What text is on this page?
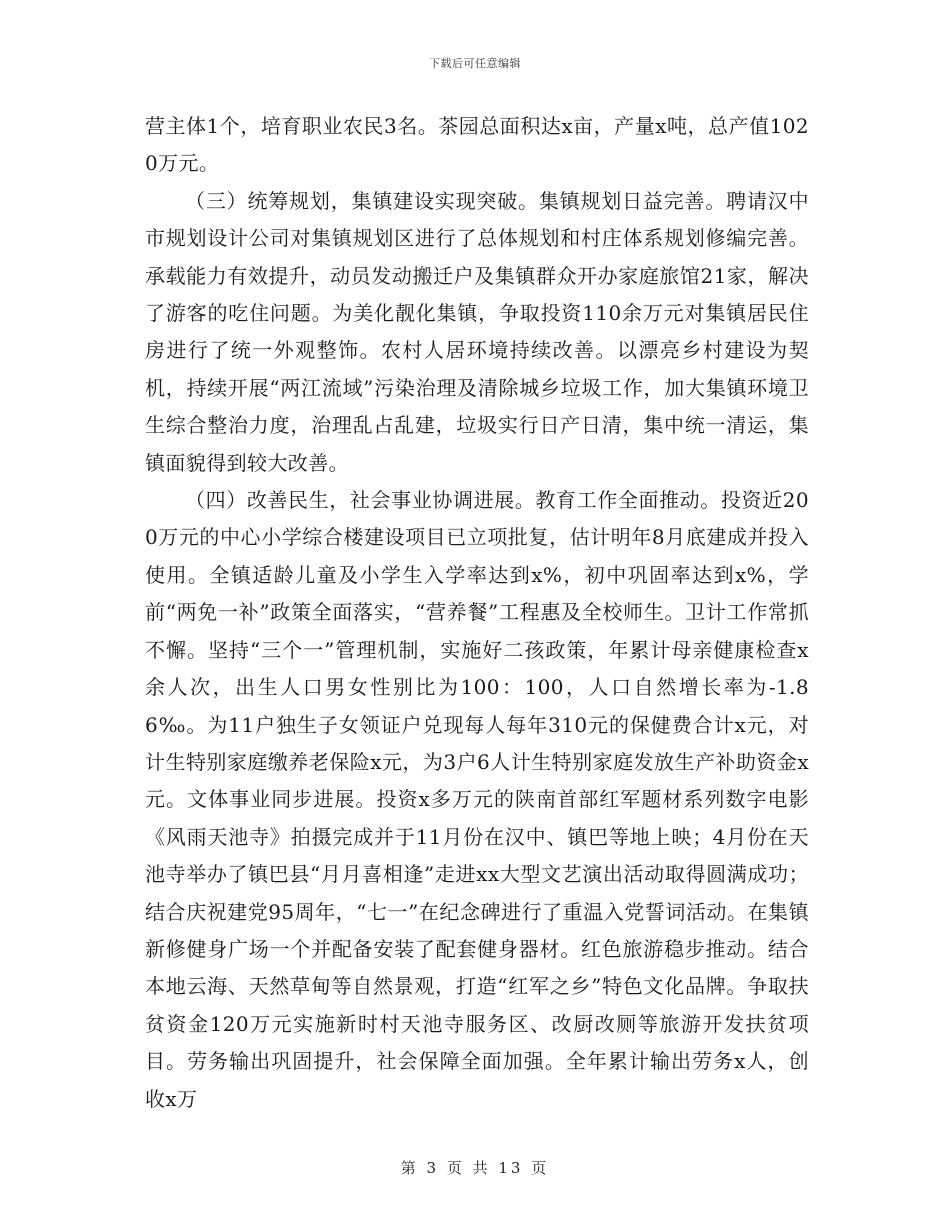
下载后可任意编辑

营主体1个，培育职业农民3名。茶园总面积达x亩，产量x吨，总产值1020万元。

（三）统筹规划，集镇建设实现突破。集镇规划日益完善。聘请汉中市规划设计公司对集镇规划区进行了总体规划和村庄体系规划修编完善。承载能力有效提升，动员发动搬迁户及集镇群众开办家庭旅馆21家，解决了游客的吃住问题。为美化靓化集镇，争取投资110余万元对集镇居民住房进行了统一外观整饰。农村人居环境持续改善。以漂亮乡村建设为契机，持续开展“两江流域”污染治理及清除城乡垃圾工作，加大集镇环境卫生综合整治力度，治理乱占乱建，垃圾实行日产日清，集中统一清运，集镇面貌得到较大改善。

（四）改善民生，社会事业协调进展。教育工作全面推动。投资近200万元的中心小学综合楼建设项目已立项批复，估计明年8月底建成并投入使用。全镇适龄儿童及小学生入学率达到x%，初中巩固率达到x%，学前“两免一补”政策全面落实，“营养餐”工程惠及全校师生。卫计工作常抓不懈。坚持“三个一”管理机制，实施好二孩政策，年累计母亲健康检查x余人次，出生人口男女性别比为100：100，人口自然增长率为-1.86‰。为11户独生子女领证户兑现每人每年310元的保健费合计x元，对计生特别家庭缴养老保险x元，为3户6人计生特别家庭发放生产补助资金x元。文体事业同步进展。投资x多万元的陕南首部红军题材系列数字电影《风雨天池寺》拍摄完成并于11月份在汉中、镇巴等地上映；4月份在天池寺举办了镇巴县“月月喜相逢”走进xx大型文艺演出活动取得圆满成功；结合庆祝建党95周年，“七一”在纪念碑进行了重温入党誓词活动。在集镇新修健身广场一个并配备安装了配套健身器材。红色旅游稳步推动。结合本地云海、天然草甸等自然景观，打造“红军之乡”特色文化品牌。争取扶贫资金120万元实施新时村天池寺服务区、改厨改厕等旅游开发扶贫项目。劳务输出巩固提升，社会保障全面加强。全年累计输出劳务x人，创收x万

第 3 页 共 13 页
